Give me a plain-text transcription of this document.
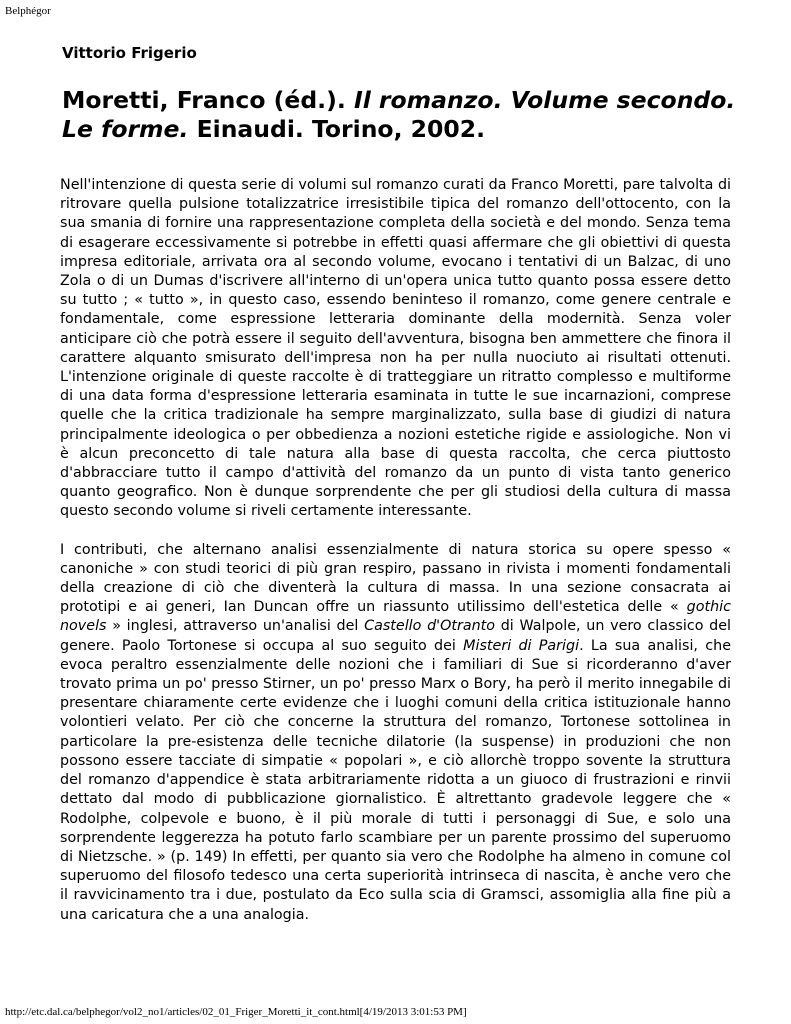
Belphégor
Vittorio Frigerio
Moretti, Franco (éd.). Il romanzo. Volume secondo. Le forme. Einaudi. Torino, 2002.

Nell'intenzione di questa serie di volumi sul romanzo curati da Franco Moretti, pare talvolta di ritrovare quella pulsione totalizzatrice irresistibile tipica del romanzo dell'ottocento, con la sua smania di fornire una rappresentazione completa della società e del mondo. Senza tema di esagerare eccessivamente si potrebbe in effetti quasi affermare che gli obiettivi di questa impresa editoriale, arrivata ora al secondo volume, evocano i tentativi di un Balzac, di uno Zola o di un Dumas d'iscrivere all'interno di un'opera unica tutto quanto possa essere detto su tutto ; « tutto », in questo caso, essendo beninteso il romanzo, come genere centrale e fondamentale, come espressione letteraria dominante della modernità. Senza voler anticipare ciò che potrà essere il seguito dell'avventura, bisogna ben ammettere che finora il carattere alquanto smisurato dell'impresa non ha per nulla nuociuto ai risultati ottenuti. L'intenzione originale di queste raccolte è di tratteggiare un ritratto complesso e multiforme di una data forma d'espressione letteraria esaminata in tutte le sue incarnazioni, comprese quelle che la critica tradizionale ha sempre marginalizzato, sulla base di giudizi di natura principalmente ideologica o per obbedienza a nozioni estetiche rigide e assiologiche. Non vi è alcun preconcetto di tale natura alla base di questa raccolta, che cerca piuttosto d'abbracciare tutto il campo d'attività del romanzo da un punto di vista tanto generico quanto geografico. Non è dunque sorprendente che per gli studiosi della cultura di massa questo secondo volume si riveli certamente interessante.

I contributi, che alternano analisi essenzialmente di natura storica su opere spesso « canoniche » con studi teorici di più gran respiro, passano in rivista i momenti fondamentali della creazione di ciò che diventerà la cultura di massa. In una sezione consacrata ai prototipi e ai generi, Ian Duncan offre un riassunto utilissimo dell'estetica delle « gothic novels » inglesi, attraverso un'analisi del Castello d'Otranto di Walpole, un vero classico del genere. Paolo Tortonese si occupa al suo seguito dei Misteri di Parigi. La sua analisi, che evoca peraltro essenzialmente delle nozioni che i familiari di Sue si ricorderanno d'aver trovato prima un po' presso Stirner, un po' presso Marx o Bory, ha però il merito innegabile di presentare chiaramente certe evidenze che i luoghi comuni della critica istituzionale hanno volontieri velato. Per ciò che concerne la struttura del romanzo, Tortonese sottolinea in particolare la pre-esistenza delle tecniche dilatorie (la suspense) in produzioni che non possono essere tacciate di simpatie « popolari », e ciò allorchè troppo sovente la struttura del romanzo d'appendice è stata arbitrariamente ridotta a un giuoco di frustrazioni e rinvii dettato dal modo di pubblicazione giornalistico. È altrettanto gradevole leggere che « Rodolphe, colpevole e buono, è il più morale di tutti i personaggi di Sue, e solo una sorprendente leggerezza ha potuto farlo scambiare per un parente prossimo del superuomo di Nietzsche. » (p. 149) In effetti, per quanto sia vero che Rodolphe ha almeno in comune col superuomo del filosofo tedesco una certa superiorità intrinseca di nascita, è anche vero che il ravvicinamento tra i due, postulato da Eco sulla scia di Gramsci, assomiglia alla fine più a una caricatura che a una analogia.

http://etc.dal.ca/belphegor/vol2_no1/articles/02_01_Friger_Moretti_it_cont.html[4/19/2013 3:01:53 PM]
